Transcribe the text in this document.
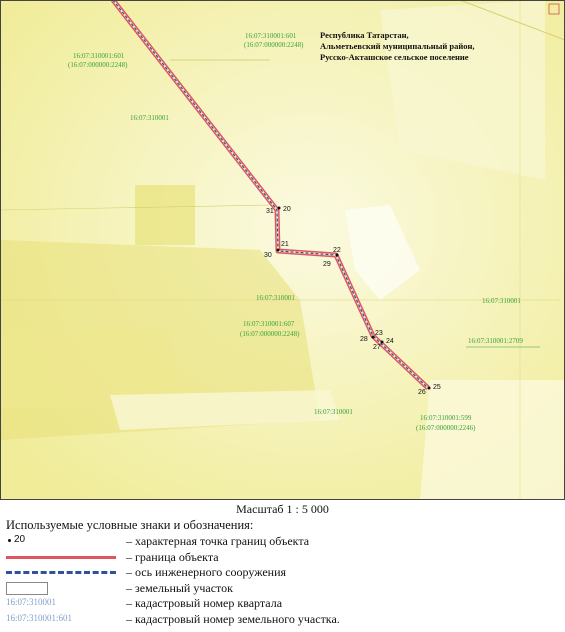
31 20
21
30
22
29
23
28	24
27
25
26
16:07:310001:601
(16:07:000000:2248)
16:07:310001:601
(16:07:000000:2248)
16:07:310001
16:07:310001
16:07:310001:607
(16:07:000000:2248)
16:07:310001
16:07:310001:2709
16:07:310001
16:07:310001:599
(16:07:000000:2246)
Республика Татарстан,
Альметьевский муниципальный район,
Русско-Акташское сельское поселение
Масштаб 1 : 5 000
Используемые условные знаки и обозначения:
20	– характерная точка границ объекта
– граница объекта
– ось инженерного сооружения
– земельный участок
16:07:310001	– кадастровый номер квартала
16:07:310001:601	– кадастровый номер земельного участка.
